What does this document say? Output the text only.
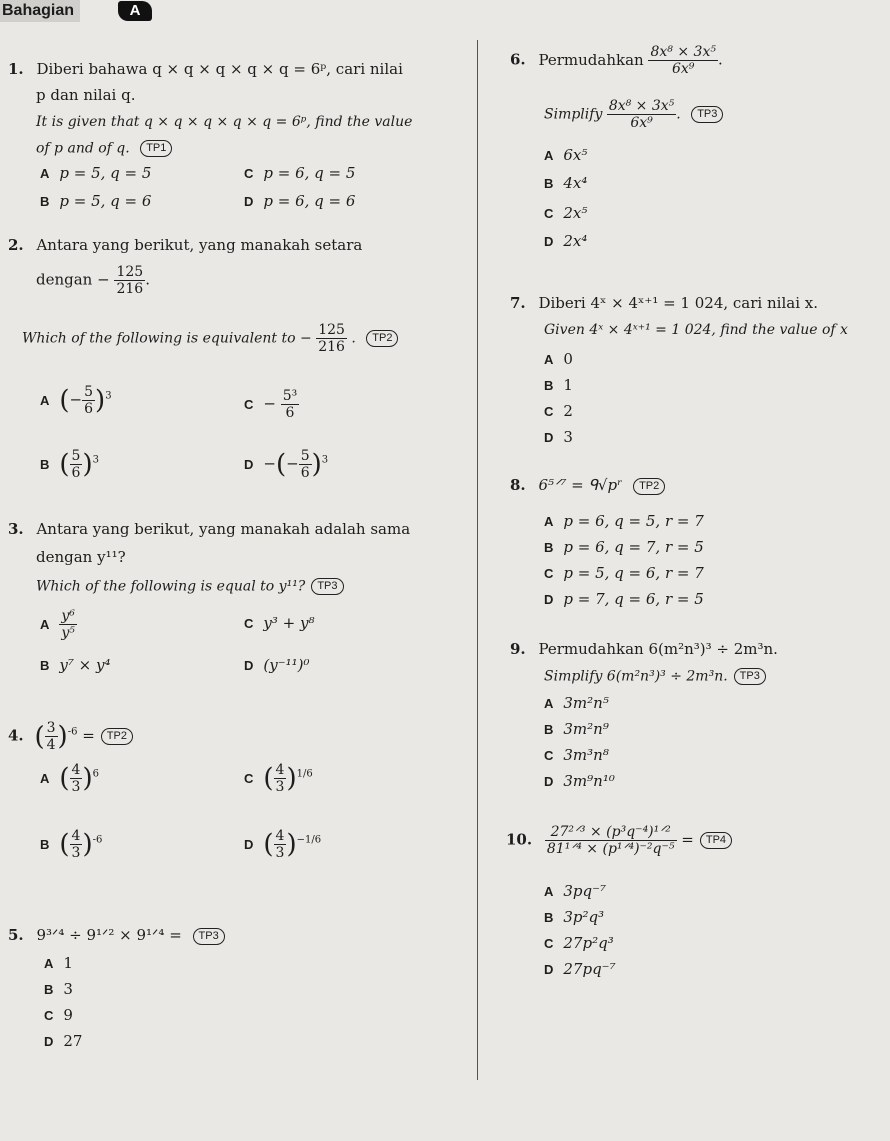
Bahagian	A
1. Diberi bahawa q × q × q × q × q = 6ᵖ, cari nilai
p dan nilai q.
It is given that q × q × q × q × q = 6ᵖ, find the value
of p and of q. TP1
A p = 5, q = 5
B p = 5, q = 6
C p = 6, q = 5
D p = 6, q = 6
2. Antara yang berikut, yang manakah setara
dengan − $\frac{125}{216}$ .
Which of the following is equivalent to − $\frac{125}{216}$ . TP2
A (− $\frac{5}{6} )^3$
B ( $\frac{5}{6} )^3$
$C - \frac{\text{5³}}{6}$
D −(− $\frac{5}{6} )^3$
3. Antara yang berikut, yang manakah adalah sama
dengan y¹¹?
Which of the following is equal to y¹¹? TP3
A $\frac{\text{y⁶}}{\text{y⁵}}$
B y⁷ × y⁴
C y³ + y⁸
D (y⁻¹¹)⁰
4. ( $\frac{3}{4} )^{-6} = TP2$
A ( $\frac{4}{3} )^6$
B ( $\frac{4}{3} )^{-6}$
C ( $\frac{4}{3} )^{1/6}$
D ( $\frac{4}{3} )^{-1/6}$
5. 9³ᐟ⁴ ÷ 9¹ᐟ² × 9¹ᐟ⁴ = TP3
A 1
B 3
C 9
D 27
6. Permudahkan $\frac{\text{8x⁸ × 3x⁵}}{\text{6x⁹}}$ .
Simplify $\frac{\text{8x⁸ × 3x⁵}}{\text{6x⁹}}$ . TP3
A 6x⁵
B 4x⁴
C 2x⁵
D 2x⁴
7. Diberi 4ˣ × 4ˣ⁺¹ = 1 024, cari nilai x.
Given 4ˣ × 4ˣ⁺¹ = 1 024, find the value of x
A 0
B 1
C 2
D 3
8. 6⁵ᐟ⁷ = ᑫ√pʳ TP2
A p = 6, q = 5, r = 7
B p = 6, q = 7, r = 5
C p = 5, q = 6, r = 7
D p = 7, q = 6, r = 5
9. Permudahkan 6(m²n³)³ ÷ 2m³n.
Simplify 6(m²n³)³ ÷ 2m³n. TP3
A 3m²n⁵
B 3m²n⁹
C 3m³n⁸
D 3m⁹n¹⁰
10. $\frac{\text{27²ᐟ³ × (p³q⁻⁴)¹ᐟ²}}{\text{81¹ᐟ⁴ × (p¹ᐟ⁴)⁻²q⁻⁵}} = TP4$
A 3pq⁻⁷
B 3p²q³
C 27p²q³
D 27pq⁻⁷
